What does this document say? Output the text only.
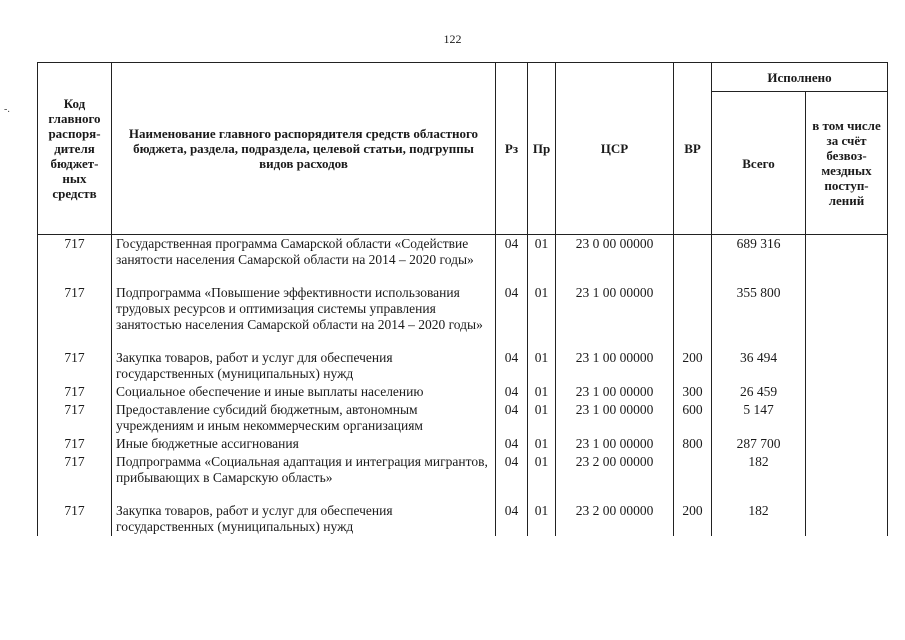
122
-.	Код главного распоря-дителя бюджет-ных средств	Наименование главного распорядителя средств областного бюджета, раздела, подраздела, целевой статьи, подгруппы видов расходов	Рз	Пр	ЦСР	ВР	Исполнено	
						Всего	в том числе за счёт безвоз-мездных поступ-лений
717	Государственная программа Самарской области «Содействие занятости населения Самарской области на 2014 – 2020 годы»	04	01	23 0 00 00000		689 316	
717	Подпрограмма «Повышение эффективности использования трудовых ресурсов и оптимизация системы управления занятостью населения Самарской области на 2014 – 2020 годы»	04	01	23 1 00 00000		355 800	
717	Закупка товаров, работ и услуг для обеспечения государственных (муниципальных) нужд	04	01	23 1 00 00000	200	36 494	
717	Социальное обеспечение и иные выплаты населению	04	01	23 1 00 00000	300	26 459	
717	Предоставление субсидий бюджетным, автономным учреждениям и иным некоммерческим организациям	04	01	23 1 00 00000	600	5 147	
717	Иные бюджетные ассигнования	04	01	23 1 00 00000	800	287 700	
717	Подпрограмма «Социальная адаптация и интеграция мигрантов, прибывающих в Самарскую область»	04	01	23 2 00 00000		182	
717	Закупка товаров, работ и услуг для обеспечения государственных (муниципальных) нужд	04	01	23 2 00 00000	200	182	
